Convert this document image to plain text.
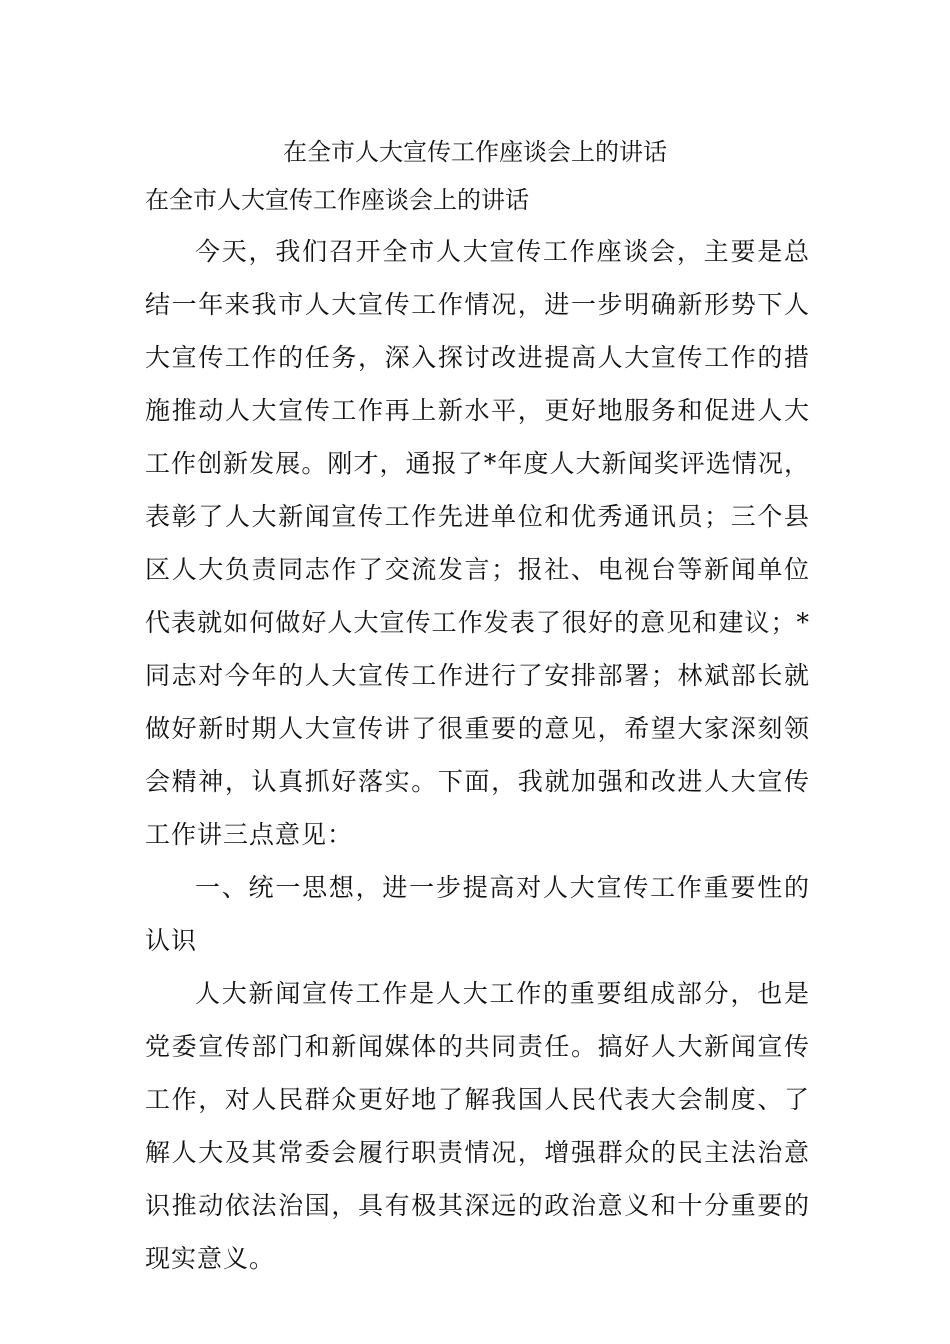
在全市人大宣传工作座谈会上的讲话
在全市人大宣传工作座谈会上的讲话

今天，我们召开全市人大宣传工作座谈会，主要是总结一年来我市人大宣传工作情况，进一步明确新形势下人大宣传工作的任务，深入探讨改进提高人大宣传工作的措施推动人大宣传工作再上新水平，更好地服务和促进人大工作创新发展。刚才，通报了*年度人大新闻奖评选情况，表彰了人大新闻宣传工作先进单位和优秀通讯员；三个县区人大负责同志作了交流发言；报社、电视台等新闻单位代表就如何做好人大宣传工作发表了很好的意见和建议；*同志对今年的人大宣传工作进行了安排部署；林斌部长就做好新时期人大宣传讲了很重要的意见，希望大家深刻领会精神，认真抓好落实。下面，我就加强和改进人大宣传工作讲三点意见：

一、统一思想，进一步提高对人大宣传工作重要性的认识

人大新闻宣传工作是人大工作的重要组成部分，也是党委宣传部门和新闻媒体的共同责任。搞好人大新闻宣传工作，对人民群众更好地了解我国人民代表大会制度、了解人大及其常委会履行职责情况，增强群众的民主法治意识推动依法治国，具有极其深远的政治意义和十分重要的现实意义。
